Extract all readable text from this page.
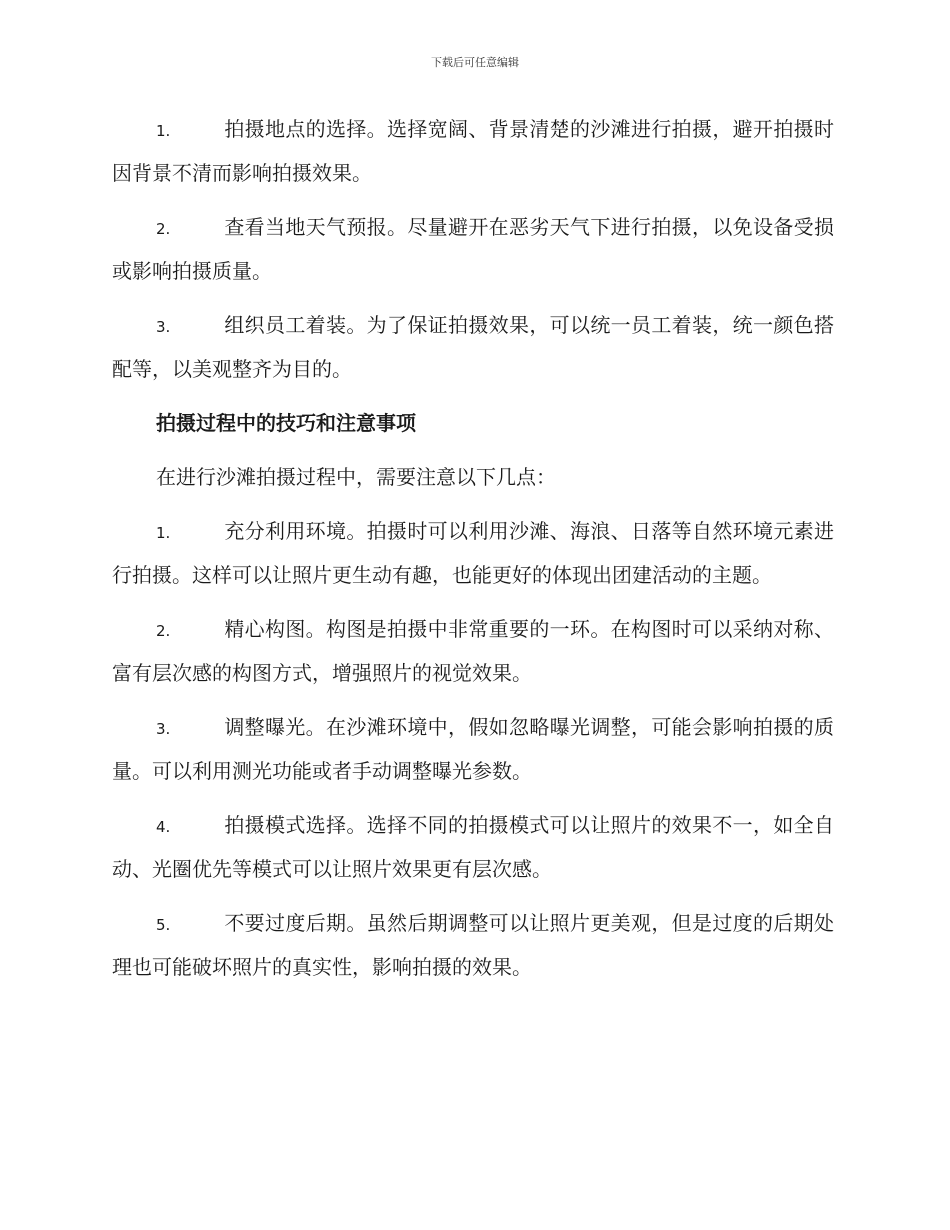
下载后可任意编辑

1.	拍摄地点的选择。选择宽阔、背景清楚的沙滩进行拍摄，避开拍摄时因背景不清而影响拍摄效果。

2.	查看当地天气预报。尽量避开在恶劣天气下进行拍摄，以免设备受损或影响拍摄质量。

3.	组织员工着装。为了保证拍摄效果，可以统一员工着装，统一颜色搭配等，以美观整齐为目的。

拍摄过程中的技巧和注意事项

在进行沙滩拍摄过程中，需要注意以下几点：

1.	充分利用环境。拍摄时可以利用沙滩、海浪、日落等自然环境元素进行拍摄。这样可以让照片更生动有趣，也能更好的体现出团建活动的主题。

2.	精心构图。构图是拍摄中非常重要的一环。在构图时可以采纳对称、富有层次感的构图方式，增强照片的视觉效果。

3.	调整曝光。在沙滩环境中，假如忽略曝光调整，可能会影响拍摄的质量。可以利用测光功能或者手动调整曝光参数。

4.	拍摄模式选择。选择不同的拍摄模式可以让照片的效果不一，如全自动、光圈优先等模式可以让照片效果更有层次感。

5.	不要过度后期。虽然后期调整可以让照片更美观，但是过度的后期处理也可能破坏照片的真实性，影响拍摄的效果。
